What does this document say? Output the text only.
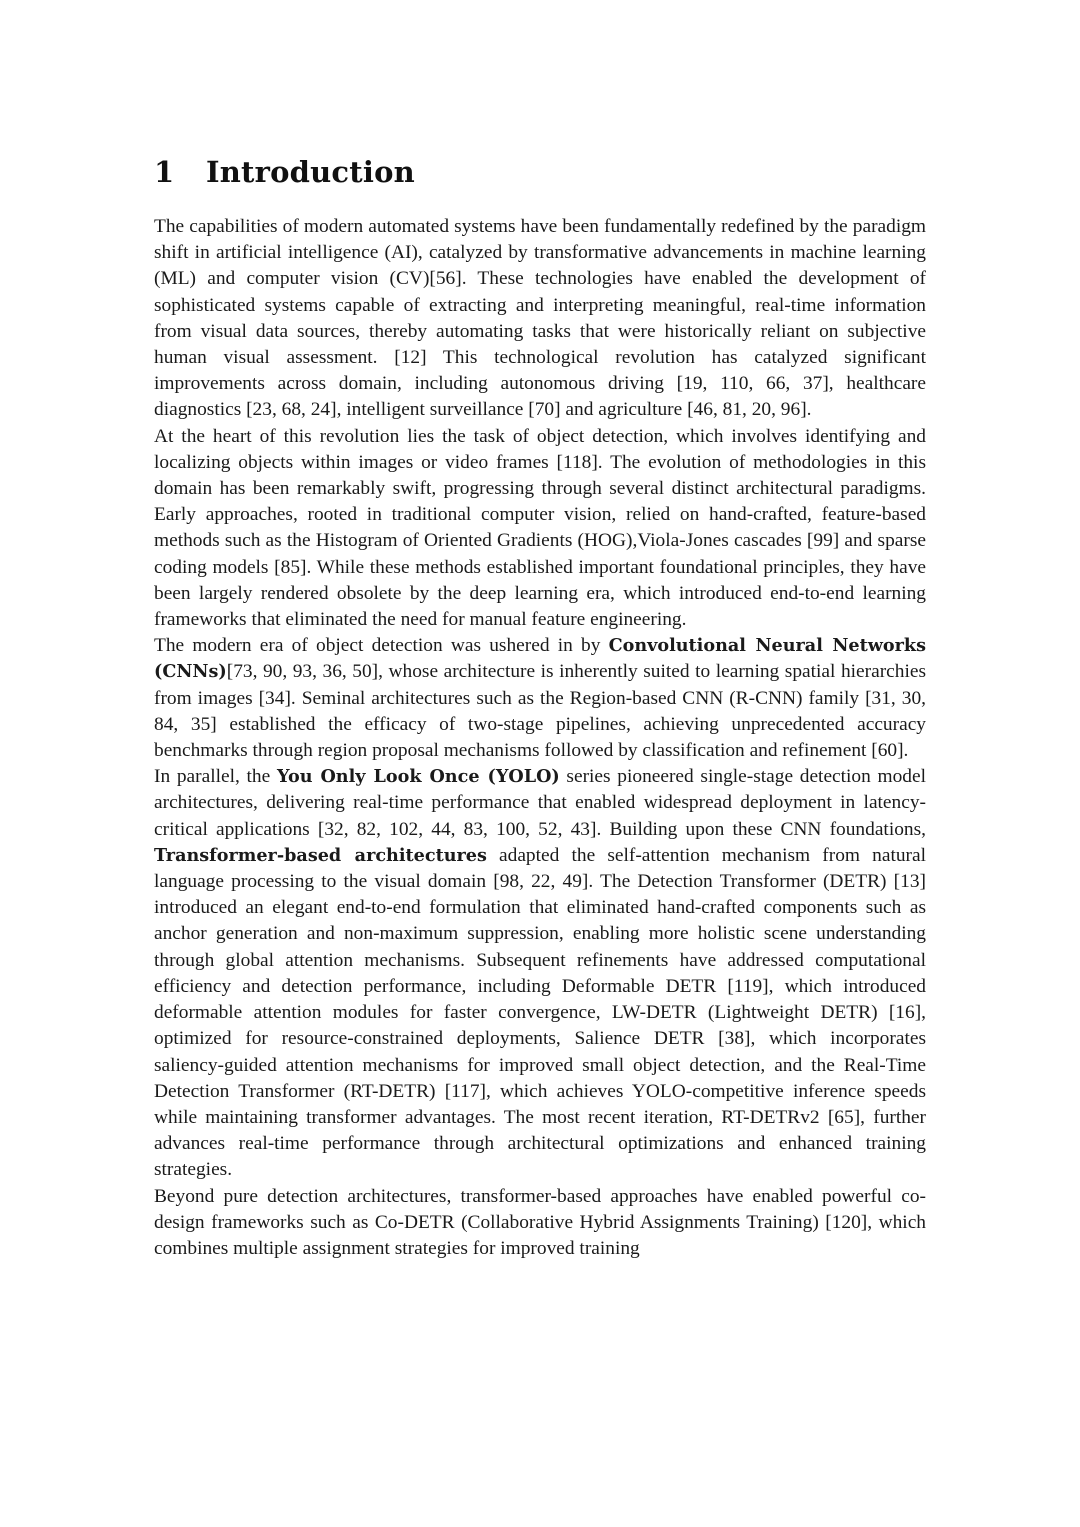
1 Introduction

The capabilities of modern automated systems have been fundamentally redefined by the paradigm shift in artificial intelligence (AI), catalyzed by transformative advancements in machine learning (ML) and computer vision (CV)[56]. These technologies have enabled the development of sophisticated systems capable of extracting and interpreting meaningful, real-time information from visual data sources, thereby automating tasks that were historically reliant on subjective human visual assessment. [12] This technological revolution has catalyzed significant improvements across domain, including autonomous driving [19, 110, 66, 37], healthcare diagnostics [23, 68, 24], intelligent surveillance [70] and agriculture [46, 81, 20, 96].

At the heart of this revolution lies the task of object detection, which involves identifying and localizing objects within images or video frames [118]. The evolution of methodologies in this domain has been remarkably swift, progressing through several distinct architectural paradigms. Early approaches, rooted in traditional computer vision, relied on hand-crafted, feature-based methods such as the Histogram of Oriented Gradients (HOG),Viola-Jones cascades [99] and sparse coding models [85]. While these methods established important foundational principles, they have been largely rendered obsolete by the deep learning era, which introduced end-to-end learning frameworks that eliminated the need for manual feature engineering.

The modern era of object detection was ushered in by Convolutional Neural Networks (CNNs)[73, 90, 93, 36, 50], whose architecture is inherently suited to learning spatial hierarchies from images [34]. Seminal architectures such as the Region-based CNN (R-CNN) family [31, 30, 84, 35] established the efficacy of two-stage pipelines, achieving unprecedented accuracy benchmarks through region proposal mechanisms followed by classification and refinement [60].

In parallel, the You Only Look Once (YOLO) series pioneered single-stage detection model architectures, delivering real-time performance that enabled widespread deployment in latency-critical applications [32, 82, 102, 44, 83, 100, 52, 43]. Building upon these CNN foundations, Transformer-based architectures adapted the self-attention mechanism from natural language processing to the visual domain [98, 22, 49]. The Detection Transformer (DETR) [13] introduced an elegant end-to-end formulation that eliminated hand-crafted components such as anchor generation and non-maximum suppression, enabling more holistic scene understanding through global attention mechanisms. Subsequent refinements have addressed computational efficiency and detection performance, including Deformable DETR [119], which introduced deformable attention modules for faster convergence, LW-DETR (Lightweight DETR) [16], optimized for resource-constrained deployments, Salience DETR [38], which incorporates saliency-guided attention mechanisms for improved small object detection, and the Real-Time Detection Transformer (RT-DETR) [117], which achieves YOLO-competitive inference speeds while maintaining transformer advantages. The most recent iteration, RT-DETRv2 [65], further advances real-time performance through architectural optimizations and enhanced training strategies.

Beyond pure detection architectures, transformer-based approaches have enabled powerful co-design frameworks such as Co-DETR (Collaborative Hybrid Assignments Training) [120], which combines multiple assignment strategies for improved training
